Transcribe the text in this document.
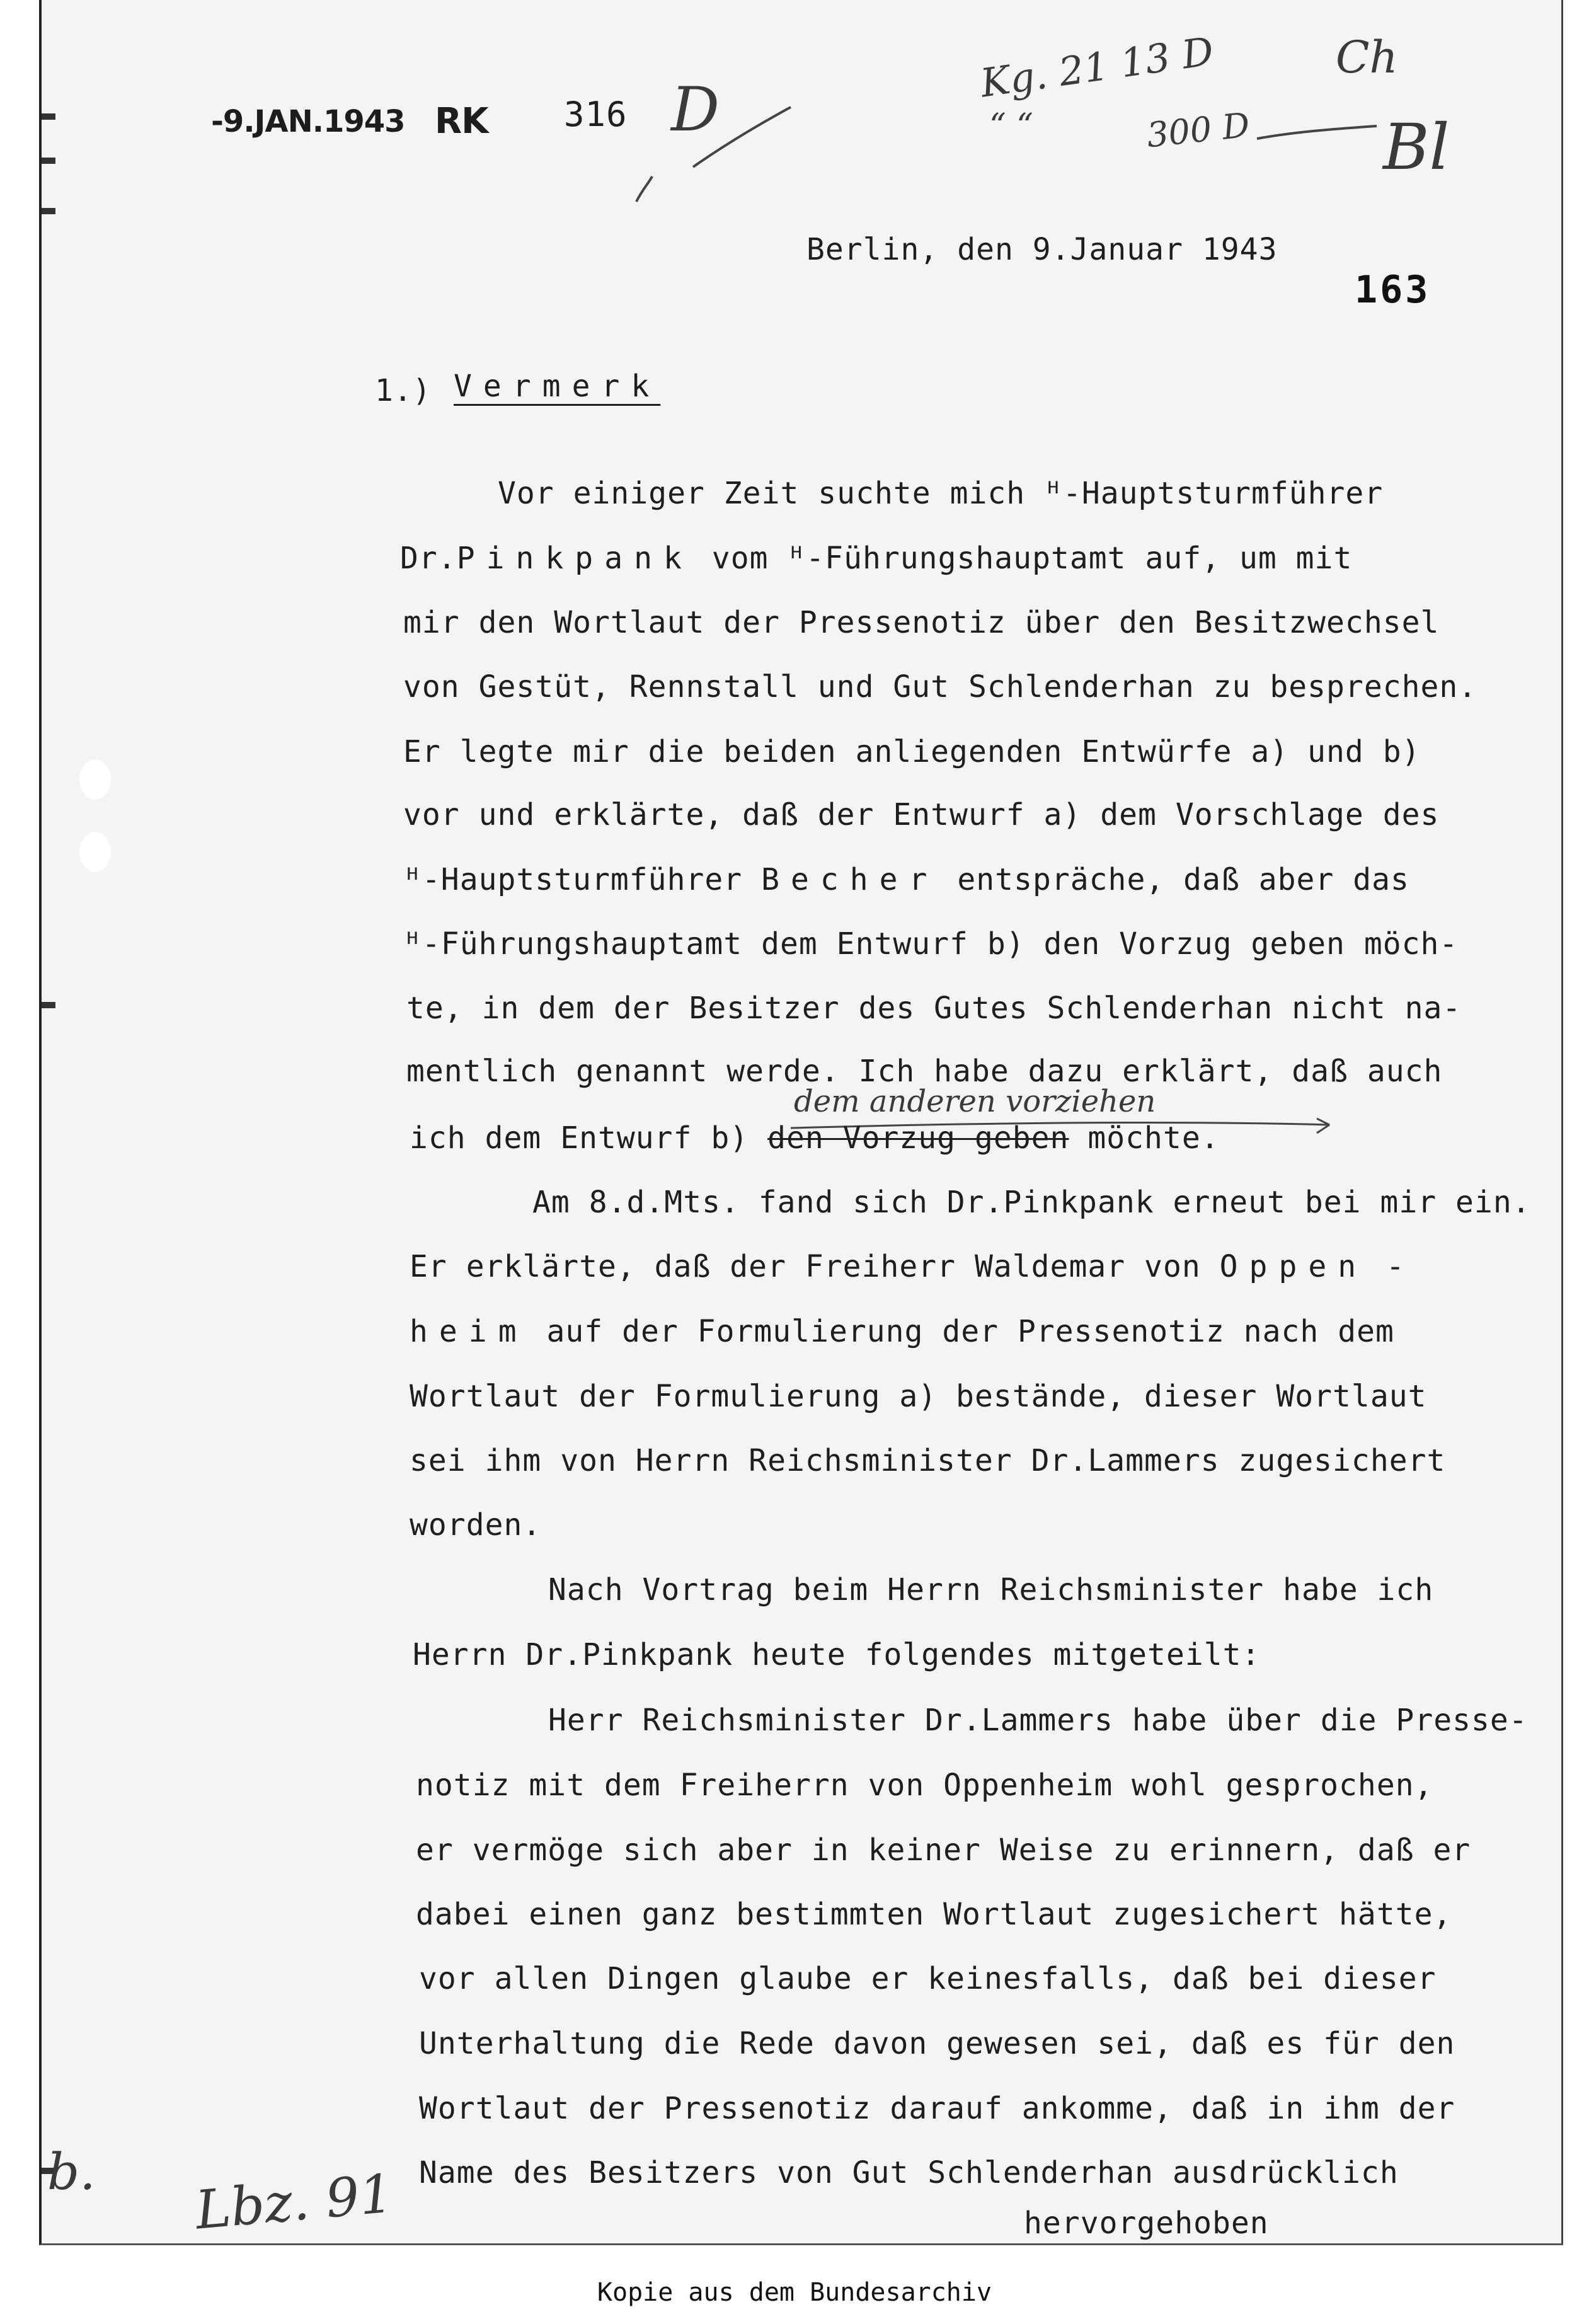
-9.JAN.1943 RK 316 D
Kg. 21 13 D	Ch
“ “	300 D Bl
Berlin, den 9.Januar 1943
163
1.) Vermerk
Vor einiger Zeit suchte mich ᵸ-Hauptsturmführer
Dr.Pinkpank vom ᵸ-Führungshauptamt auf, um mit
mir den Wortlaut der Pressenotiz über den Besitzwechsel
von Gestüt, Rennstall und Gut Schlenderhan zu besprechen.
Er legte mir die beiden anliegenden Entwürfe a) und b)
vor und erklärte, daß der Entwurf a) dem Vorschlage des
ᵸ-Hauptsturmführer Becher entspräche, daß aber das
ᵸ-Führungshauptamt dem Entwurf b) den Vorzug geben möch-
te, in dem der Besitzer des Gutes Schlenderhan nicht na-
mentlich genannt werde. Ich habe dazu erklärt, daß auch
dem anderen vorziehen
ich dem Entwurf b) den Vorzug geben möchte.
Am 8.d.Mts. fand sich Dr.Pinkpank erneut bei mir ein.
Er erklärte, daß der Freiherr Waldemar von Oppen -
heim auf der Formulierung der Pressenotiz nach dem
Wortlaut der Formulierung a) bestände, dieser Wortlaut
sei ihm von Herrn Reichsminister Dr.Lammers zugesichert
worden.
Nach Vortrag beim Herrn Reichsminister habe ich
Herrn Dr.Pinkpank heute folgendes mitgeteilt:
Herr Reichsminister Dr.Lammers habe über die Presse-
notiz mit dem Freiherrn von Oppenheim wohl gesprochen,
er vermöge sich aber in keiner Weise zu erinnern, daß er
dabei einen ganz bestimmten Wortlaut zugesichert hätte,
vor allen Dingen glaube er keinesfalls, daß bei dieser
Unterhaltung die Rede davon gewesen sei, daß es für den
Wortlaut der Pressenotiz darauf ankomme, daß in ihm der
Name des Besitzers von Gut Schlenderhan ausdrücklich
hervorgehoben
b. Lbz. 91
Kopie aus dem Bundesarchiv
